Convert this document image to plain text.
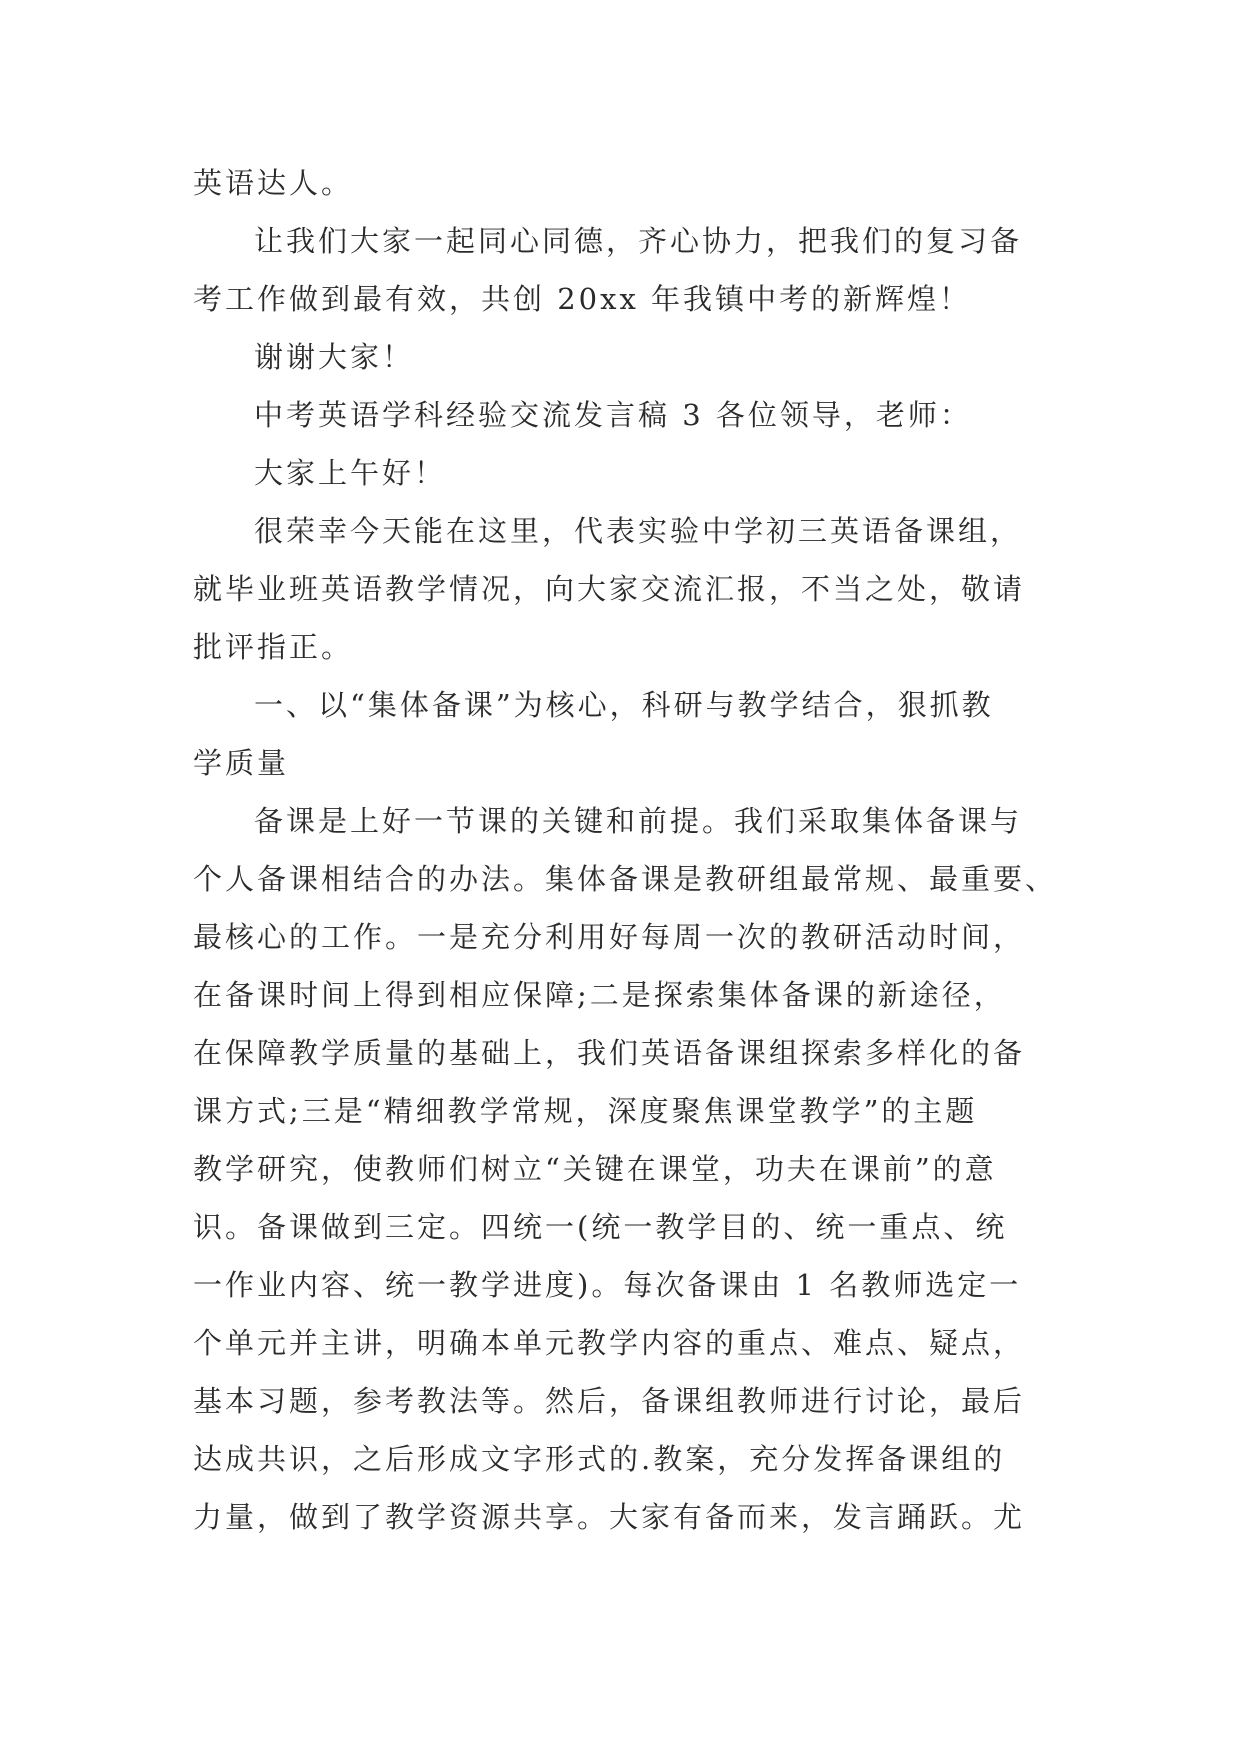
英语达人。
让我们大家一起同心同德，齐心协力，把我们的复习备
考工作做到最有效，共创 20xx 年我镇中考的新辉煌！
谢谢大家！
中考英语学科经验交流发言稿 3 各位领导，老师：
大家上午好！
很荣幸今天能在这里，代表实验中学初三英语备课组，
就毕业班英语教学情况，向大家交流汇报，不当之处，敬请
批评指正。
一、以“集体备课”为核心，科研与教学结合，狠抓教
学质量
备课是上好一节课的关键和前提。我们采取集体备课与
个人备课相结合的办法。集体备课是教研组最常规、最重要、
最核心的工作。一是充分利用好每周一次的教研活动时间，
在备课时间上得到相应保障;二是探索集体备课的新途径，
在保障教学质量的基础上，我们英语备课组探索多样化的备
课方式;三是“精细教学常规，深度聚焦课堂教学”的主题
教学研究，使教师们树立“关键在课堂，功夫在课前”的意
识。备课做到三定。四统一(统一教学目的、统一重点、统
一作业内容、统一教学进度)。每次备课由 1 名教师选定一
个单元并主讲，明确本单元教学内容的重点、难点、疑点，
基本习题，参考教法等。然后，备课组教师进行讨论，最后
达成共识，之后形成文字形式的.教案，充分发挥备课组的
力量，做到了教学资源共享。大家有备而来，发言踊跃。尤
